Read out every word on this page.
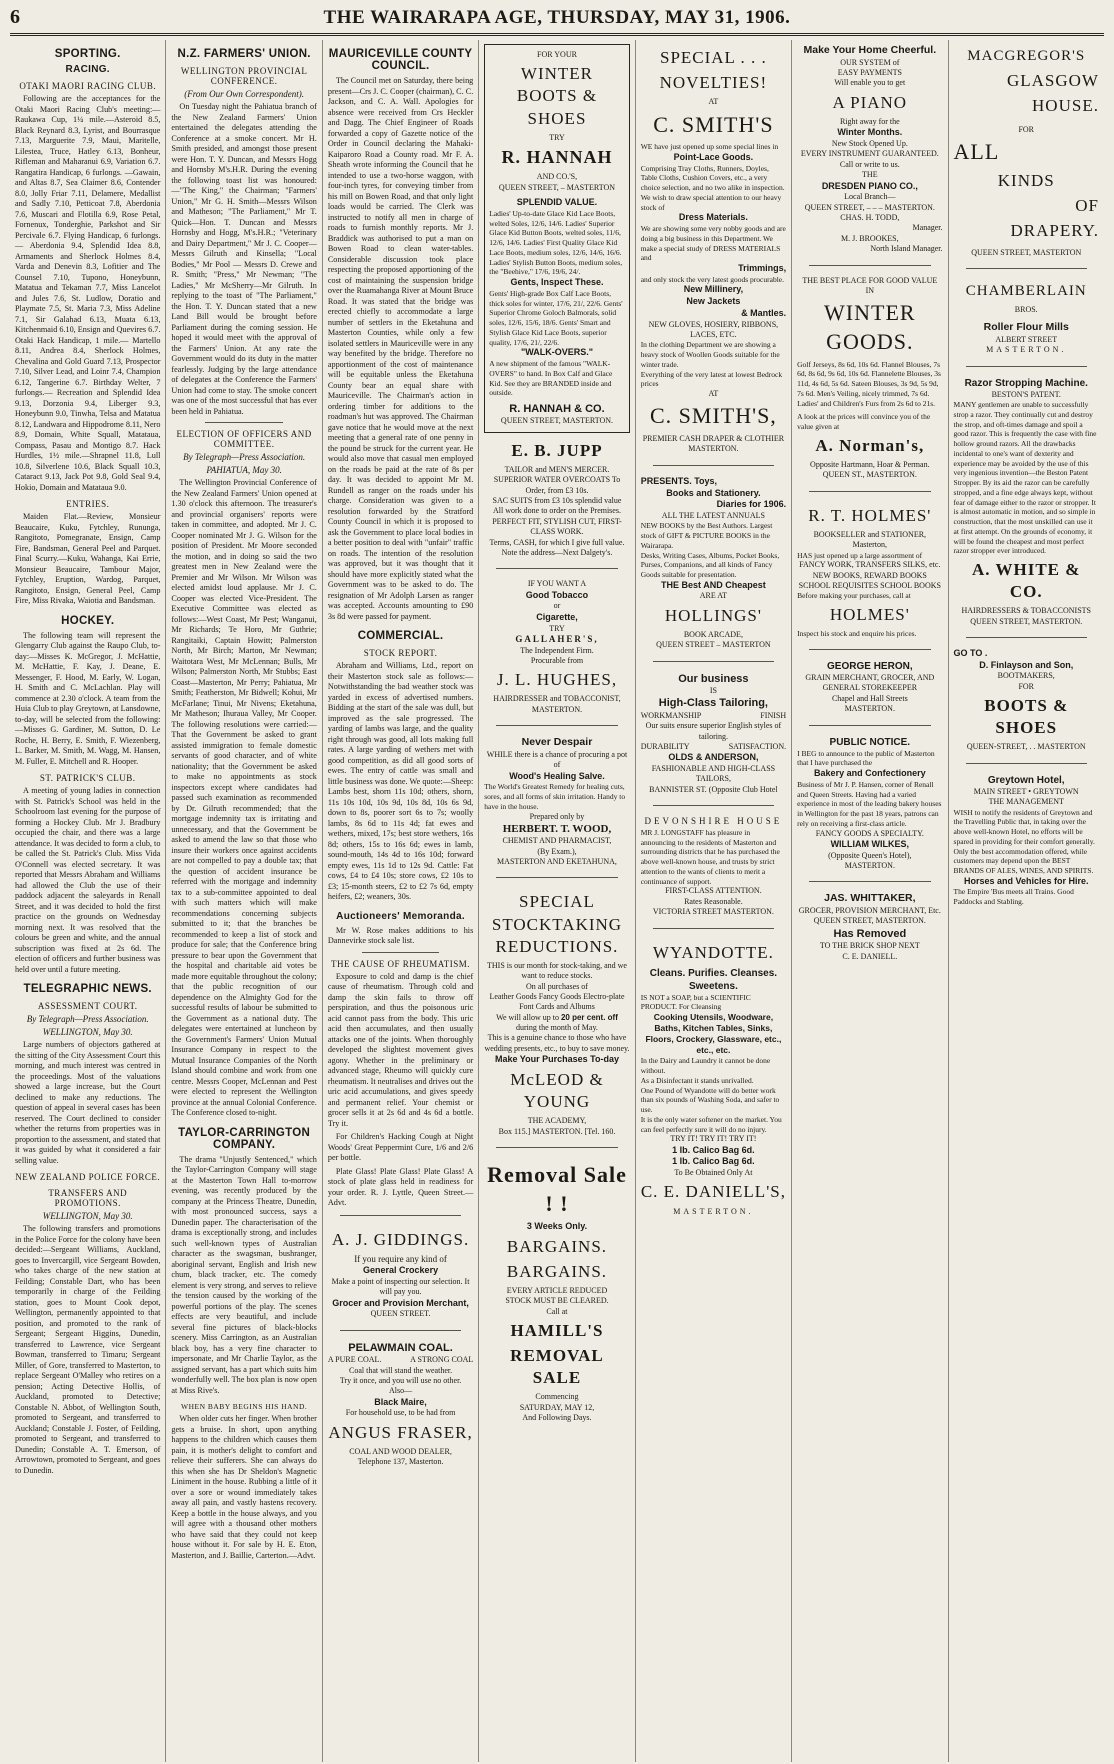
6	THE WAIRARAPA AGE, THURSDAY, MAY 31, 1906.
SPORTING.
RACING.
OTAKI MAORI RACING CLUB.

Following are the acceptances for the Otaki Maori Racing Club's meeting:— Raukawa Cup, 1¼ mile.—Asteroid 8.5, Black Reynard 8.3, Lyrist, and Bourrasque 7.13, Marguerite 7.9, Maui, Maritelle, Lilestea, Truce, Hatley 6.13, Bonheur, Rifleman and Maharanui 6.9, Variation 6.7. Rangatira Handicap, 6 furlongs. —Gawain, and Altas 8.7, Sea Claimer 8.6, Contender 8.0, Jolly Friar 7.11, Delamere, Medallist and Sadly 7.10, Petticoat 7.8, Aberdonia 7.6, Muscari and Flotilla 6.9, Rose Petal, Fornenux, Tonderghie, Parkshot and Sir Percivale 6.7. Flying Handicap, 6 furlongs.— Aberdonia 9.4, Splendid Idea 8.8, Armaments and Sherlock Holmes 8.4, Varda and Denevin 8.3, Lofitier and The Counsel 7.10, Tupono, Honeybunn, Matatua and Tekaman 7.7, Miss Lancelot and Jules 7.6, St. Ludlow, Doratio and Playmate 7.5, St. Maria 7.3, Miss Adeline 7.1, Sir Galahad 6.13, Muata 6.13, Kitchenmaid 6.10, Ensign and Quevires 6.7. Otaki Hack Handicap, 1 mile.— Martello 8.11, Andrea 8.4, Sherlock Holmes, Chevalina and Gold Guard 7.13, Prospector 7.10, Silver Lead, and Loinr 7.4, Champion 6.12, Tangerine 6.7. Birthday Welter, 7 furlongs.— Recreation and Splendid Idea 9.13, Dorzonia 9.4, Liberger 9.3, Honeybunn 9.0, Tinwha, Telsa and Matatua 8.12, Landwara and Hippodrome 8.11, Nero 8.9, Domain, White Squall, Matataua, Compass, Pasau and Montigo 8.7. Hack Hurdles, 1½ mile.—Shrapnel 11.8, Lull 10.8, Silverlene 10.6, Black Squall 10.3, Cataract 9.13, Jack Pot 9.8, Gold Seal 9.4, Hokio, Domain and Matataua 9.0.

ENTRIES.

Maiden Flat.—Review, Monsieur Beaucaire, Kuku, Fytchley, Rununga, Rangitoto, Pomegranate, Ensign, Camp Fire, Bandsman, General Peel and Parquet. Final Scurry.—Kuku, Wahanga, Kai Errie, Monsieur Beaucaire, Tambour Major, Fytchley, Eruption, Wardog, Parquet, Rangitoto, Ensign, General Peel, Camp Fire, Miss Rivaka, Waiotia and Bandsman.

HOCKEY.

The following team will represent the Glengarry Club against the Raupo Club, to-day:—Misses K. McGregor, J. McHattie, M. McHattie, F. Kay, J. Deane, E. Messenger, F. Hood, M. Early, W. Logan, H. Smith and C. McLachlan. Play will commence at 2.30 o'clock. A team from the Huia Club to play Greytown, at Lansdowne, to-day, will be selected from the following:—Misses G. Gardiner, M. Sutton, D. Le Roche, H. Berry, E. Smith, F. Wiezenberg, L. Barker, M. Smith, M. Wagg, M. Hansen, M. Fuller, E. Mitchell and R. Hooper.

ST. PATRICK'S CLUB.

A meeting of young ladies in connection with St. Patrick's School was held in the Schoolroom last evening for the purpose of forming a Hockey Club. Mr J. Bradbury occupied the chair, and there was a large attendance. It was decided to form a club, to be called the St. Patrick's Club. Miss Vida O'Connell was elected secretary. It was reported that Messrs Abraham and Williams had allowed the Club the use of their paddock adjacent the saleyards in Renall Street, and it was decided to hold the first practice on the grounds on Wednesday morning next. It was resolved that the colours be green and white, and the annual subscription was fixed at 2s 6d. The election of officers and further business was held over until a future meeting.

TELEGRAPHIC NEWS.
ASSESSMENT COURT.
By Telegraph—Press Association.
WELLINGTON, May 30.

Large numbers of objectors gathered at the sitting of the City Assessment Court this morning, and much interest was centred in the proceedings. Most of the valuations showed a large increase, but the Court declined to make any reductions. The question of appeal in several cases has been reserved. The Court declined to consider whether the returns from properties was in proportion to the assessment, and stated that it was guided by what it considered a fair selling value.

NEW ZEALAND POLICE FORCE.
TRANSFERS AND PROMOTIONS.
WELLINGTON, May 30.

The following transfers and promotions in the Police Force for the colony have been decided:—Sergeant Williams, Auckland, goes to Invercargill, vice Sergeant Bowden, who takes charge of the new station at Feilding; Constable Dart, who has been temporarily in charge of the Feilding station, goes to Mount Cook depot, Wellington, permanently appointed to that position, and promoted to the rank of Sergeant; Sergeant Higgins, Dunedin, transferred to Lawrence, vice Sergeant Bowman, transferred to Timaru; Sergeant Miller, of Gore, transferred to Masterton, to replace Sergeant O'Malley who retires on a pension; Acting Detective Hollis, of Auckland, promoted to Detective; Constable N. Abbot, of Wellington South, promoted to Sergeant, and transferred to Auckland; Constable J. Foster, of Feilding, promoted to Sergeant, and transferred to Dunedin; Constable A. T. Emerson, of Arrowtown, promoted to Sergeant, and goes to Dunedin.

N.Z. FARMERS' UNION.
WELLINGTON PROVINCIAL CONFERENCE.
(From Our Own Correspondent).

On Tuesday night the Pahiatua branch of the New Zealand Farmers' Union entertained the delegates attending the Conference at a smoke concert. Mr H. Smith presided, and amongst those present were Hon. T. Y. Duncan, and Messrs Hogg and Hornsby M's.H.R. During the evening the following toast list was honoured:—"The King," the Chairman; "Farmers' Union," Mr G. H. Smith—Messrs Wilson and Matheson; "The Parliament," Mr T. Quick—Hon. T. Duncan and Messrs Hornsby and Hogg, M's.H.R.; "Veterinary and Dairy Department," Mr J. C. Cooper—Messrs Gilruth and Kinsella; "Local Bodies," Mr Pool — Messrs D. Crewe and R. Smith; "Press," Mr Newman; "The Ladies," Mr McSherry—Mr Gilruth. In replying to the toast of "The Parliament," the Hon. T. Y. Duncan stated that a new Land Bill would be brought before Parliament during the coming session. He hoped it would meet with the approval of the Farmers' Union. At any rate the Government would do its duty in the matter fearlessly. Judging by the large attendance of delegates at the Conference the Farmers' Union had come to stay. The smoke concert was one of the most successful that has ever been held in Pahiatua.

ELECTION OF OFFICERS AND COMMITTEE.
By Telegraph—Press Association.
PAHIATUA, May 30.

The Wellington Provincial Conference of the New Zealand Farmers' Union opened at 1.30 o'clock this afternoon. The treasurer's and provincial organisers' reports were taken in committee, and adopted. Mr J. C. Cooper nominated Mr J. G. Wilson for the position of President. Mr Moore seconded the motion, and in doing so said the two greatest men in New Zealand were the Premier and Mr Wilson. Mr Wilson was elected amidst loud applause. Mr J. C. Cooper was elected Vice-President. The Executive Committee was elected as follows:—West Coast, Mr Pest; Wanganui, Mr Richards; Te Horo, Mr Guthrie; Rangitaiki, Captain Howitt; Palmerston North, Mr Birch; Marton, Mr Newman; Waitotara West, Mr McLennan; Bulls, Mr Wilson; Palmerston North, Mr Stubbs; East Coast—Masterton, Mr Perry; Pahiatua, Mr Smith; Featherston, Mr Bidwell; Kohui, Mr McFarlane; Tinui, Mr Nivens; Eketahuna, Mr Matheson; Ihuraua Valley, Mr Cooper. The following resolutions were carried:—That the Government be asked to grant assisted immigration to female domestic servants of good character, and of white nationality; that the Government be asked to make no appointments as stock inspectors except where candidates had passed such examination as recommended by Dr. Gilruth recommended; that the mortgage indemnity tax is irritating and unnecessary, and that the Government be asked to amend the law so that those who insure their workers once against accidents are not compelled to pay a double tax; that the question of accident insurance be referred with the mortgage and indemnity tax to a sub-committee appointed to deal with such matters which will make recommendations concerning subjects submitted to it; that the branches be recommended to keep a list of stock and produce for sale; that the Conference bring pressure to bear upon the Government that the hospital and charitable aid votes be made more equitable throughout the colony; that the public recognition of our dependence on the Almighty God for the successful results of labour be submitted to the Government as a national duty. The delegates were entertained at luncheon by the Government's Farmers' Union Mutual Insurance Company in respect to the Mutual Insurance Companies of the North Island should combine and work from one centre. Messrs Cooper, McLennan and Pest were elected to represent the Wellington province at the annual Colonial Conference. The Conference closed to-night.

TAYLOR-CARRINGTON COMPANY.

The drama "Unjustly Sentenced," which the Taylor-Carrington Company will stage at the Masterton Town Hall to-morrow evening, was recently produced by the company at the Princess Theatre, Dunedin, with most pronounced success, says a Dunedin paper. The characterisation of the drama is exceptionally strong, and includes such well-known types of Australian character as the swagsman, bushranger, aboriginal servant, English and Irish new chum, black tracker, etc. The comedy element is very strong, and serves to relieve the tension caused by the working of the powerful portions of the play. The scenes effects are very beautiful, and include several fine pictures of black-blocks scenery. Miss Carrington, as an Australian black boy, has a very fine character to impersonate, and Mr Charlie Taylor, as the assigned servant, has a part which suits him wonderfully well. The box plan is now open at Miss Rive's.

WHEN BABY BEGINS HIS HAND.

When older cuts her finger. When brother gets a bruise. In short, upon anything happens to the children which causes them pain, it is mother's delight to comfort and relieve their sufferers. She can always do this when she has Dr Sheldon's Magnetic Liniment in the house. Rubbing a little of it over a sore or wound immediately takes away all pain, and vastly hastens recovery. Keep a bottle in the house always, and you will agree with a thousand other mothers who have said that they could not keep house without it. For sale by H. E. Eton, Masterton, and J. Baillie, Carterton.—Advt.

MAURICEVILLE COUNTY COUNCIL.

The Council met on Saturday, there being present—Crs J. C. Cooper (chairman), C. C. Jackson, and C. A. Wall. Apologies for absence were received from Crs Heckler and Dagg. The Chief Engineer of Roads forwarded a copy of Gazette notice of the Order in Council declaring the Mahaki-Kaiparoro Road a County road. Mr F. A. Sheath wrote informing the Council that he intended to use a two-horse waggon, with four-inch tyres, for conveying timber from his mill on Bowen Road, and that only light loads would be carried. The Clerk was instructed to notify all men in charge of roads to furnish monthly reports. Mr J. Braddick was authorised to put a man on Bowen Road to clean water-tables. Considerable discussion took place respecting the proposed apportioning of the cost of maintaining the suspension bridge over the Ruamahanga River at Mount Bruce Road. It was stated that the bridge was erected chiefly to accommodate a large number of settlers in the Eketahuna and Masterton Counties, while only a few isolated settlers in Mauriceville were in any way benefited by the bridge. Therefore no apportionment of the cost of maintenance will be equitable unless the Eketahuna County bear an equal share with Mauriceville. The Chairman's action in ordering timber for additions to the roadman's hut was approved. The Chairman gave notice that he would move at the next meeting that a general rate of one penny in the pound be struck for the current year. He would also move that casual men employed on the roads be paid at the rate of 8s per day. It was decided to appoint Mr M. Rundell as ranger on the roads under his charge. Consideration was given to a resolution forwarded by the Stratford County Council in which it is proposed to ask the Government to place local bodies in a better position to deal with "unfair" traffic on roads. The intention of the resolution was approved, but it was thought that it should have more explicitly stated what the Government was to be asked to do. The resignation of Mr Adolph Larsen as ranger was accepted. Accounts amounting to £90 3s 8d were passed for payment.

COMMERCIAL.
STOCK REPORT.

Abraham and Williams, Ltd., report on their Masterton stock sale as follows:—Notwithstanding the bad weather stock was yarded in excess of advertised numbers. Bidding at the start of the sale was dull, but improved as the sale progressed. The yarding of lambs was large, and the quality right through was good, all lots making full rates. A large yarding of wethers met with good competition, as did all good sorts of ewes. The entry of cattle was small and little business was done. We quote:—Sheep: Lambs best, shorn 11s 10d; others, shorn, 11s 10s 10d, 10s 9d, 10s 8d, 10s 6s 9d, down to 8s, poorer sort 6s to 7s; woolly lambs, 8s 6d to 11s 4d; fat ewes and wethers, mixed, 17s; best store wethers, 16s 8d; others, 15s to 16s 6d; ewes in lamb, sound-mouth, 14s 4d to 16s 10d; forward empty ewes, 11s 1d to 12s 9d. Cattle: Fat cows, £4 to £4 10s; store cows, £2 10s to £3; 15-month steers, £2 to £2 7s 6d, empty heifers, £2; weaners, 30s.

Auctioneers' Memoranda.

Mr W. Rose makes additions to his Dannevirke stock sale list.

THE CAUSE OF RHEUMATISM.

Exposure to cold and damp is the chief cause of rheumatism. Through cold and damp the skin fails to throw off perspiration, and thus the poisonous uric acid cannot pass from the body. This uric acid then accumulates, and then usually attacks one of the joints. When thoroughly developed the slightest movement gives agony. Whether in the preliminary or advanced stage, Rheumo will quickly cure rheumatism. It neutralises and drives out the uric acid accumulations, and gives speedy and permanent relief. Your chemist or grocer sells it at 2s 6d and 4s 6d a bottle. Try it.

For Children's Hacking Cough at Night Woods' Great Peppermint Cure, 1/6 and 2/6 per bottle.

Plate Glass! Plate Glass! Plate Glass! A stock of plate glass held in readiness for your order. R. J. Lyttle, Queen Street.—Advt.

A. J. GIDDINGS.
If you require any kind of
General Crockery
Make a point of inspecting our selection. It will pay you.
Grocer and Provision Merchant,
QUEEN STREET.
PELAWMAIN COAL.
A PURE COAL.	A STRONG COAL
Coal that will stand the weather.
Try it once, and you will use no other.
Also—
Black Maire,
For household use, to be had from
ANGUS FRASER,
COAL AND WOOD DEALER,
Telephone 137, Masterton.
FOR YOUR
WINTER BOOTS & SHOES
TRY
R. HANNAH
AND CO.'S,
QUEEN STREET, – MASTERTON
SPLENDID VALUE.
Ladies' Up-to-date Glace Kid Lace Boots, welted Soles, 12/6, 14/6. Ladies' Superior Glace Kid Button Boots, welted soles, 11/6, 12/6, 14/6. Ladies' First Quality Glace Kid Lace Boots, medium soles, 12/6, 14/6, 16/6. Ladies' Stylish Button Boots, medium soles, the "Beehive," 17/6, 19/6, 24/.
Gents, Inspect These.
Gents' High-grade Box Calf Lace Boots, thick soles for winter, 17/6, 21/, 22/6. Gents' Superior Chrome Goloch Balmorals, solid soles, 12/6, 15/6, 18/6. Gents' Smart and Stylish Glace Kid Lace Boots, superior quality, 17/6, 21/, 22/6.
"WALK-OVERS."
A new shipment of the famous "WALK-OVERS" to hand. In Box Calf and Glace Kid. See they are BRANDED inside and outside.
R. HANNAH & CO.
QUEEN STREET, MASTERTON.
E. B. JUPP
TAILOR and MEN'S MERCER.
SUPERIOR WATER OVERCOATS To Order, from £3 10s.
SAC SUITS from £3 10s splendid value
All work done to order on the Premises.
PERFECT FIT, STYLISH CUT, FIRST-CLASS WORK.
Terms, CASH, for which I give full value.
Note the address—Next Dalgety's.
IF YOU WANT A
Good Tobacco
or
Cigarette,
TRY
GALLAHER'S,
The Independent Firm.
Procurable from
J. L. HUGHES,
HAIRDRESSER and TOBACCONIST,
MASTERTON.
Never Despair
WHILE there is a chance of procuring a pot of
Wood's Healing Salve.
The World's Greatest Remedy for healing cuts, sores, and all forms of skin irritation. Handy to have in the house.
Prepared only by
HERBERT. T. WOOD,
CHEMIST AND PHARMACIST,
(By Exam.),
MASTERTON AND EKETAHUNA,
SPECIAL STOCKTAKING REDUCTIONS.
THIS is our month for stock-taking, and we want to reduce stocks.
On all purchases of
Leather Goods Fancy Goods Electro-plate Font Cards and Albums
We will allow up to 20 per cent. off
during the month of May.
This is a genuine chance to those who have wedding presents, etc., to buy to save money.
Make Your Purchases To-day
McLEOD & YOUNG
THE ACADEMY,
Box 115.] MASTERTON. [Tel. 160.
Removal Sale ! !
3 Weeks Only.
BARGAINS.
BARGAINS.
EVERY ARTICLE REDUCED
STOCK MUST BE CLEARED.
Call at
HAMILL'S
REMOVAL SALE
Commencing
SATURDAY, MAY 12,
And Following Days.
SPECIAL . . .
NOVELTIES!
AT
C. SMITH'S
WE have just opened up some special lines in
Point-Lace Goods.
Comprising Tray Cloths, Runners, Doyles, Table Cloths, Cushion Covers, etc., a very choice selection, and no two alike in inspection.
We wish to draw special attention to our heavy stock of
Dress Materials.
We are showing some very nobby goods and are doing a big business in this Department. We make a special study of DRESS MATERIALS and
Trimmings,
and only stock the very latest goods procurable.
New Millinery,
New Jackets
& Mantles.
NEW GLOVES, HOSIERY, RIBBONS, LACES, ETC.
In the clothing Department we are showing a heavy stock of Woollen Goods suitable for the winter trade.
Everything of the very latest at lowest Bedrock prices
AT
C. SMITH'S,
PREMIER CASH DRAPER & CLOTHIER MASTERTON.
PRESENTS. Toys,
Books and Stationery.
Diaries for 1906.
ALL THE LATEST ANNUALS
NEW BOOKS by the Best Authors. Largest stock of GIFT & PICTURE BOOKS in the Wairarapa.
Desks, Writing Cases, Albums, Pocket Books, Purses, Companions, and all kinds of Fancy Goods suitable for presentation.
THE Best AND Cheapest
ARE AT
HOLLINGS'
BOOK ARCADE,
QUEEN STREET – MASTERTON
Our business
IS
High-Class Tailoring,
WORKMANSHIP	FINISH
Our suits ensure superior English styles of tailoring.
DURABILITY	SATISFACTION.
OLDS & ANDERSON,
FASHIONABLE AND HIGH-CLASS TAILORS,
BANNISTER ST. (Opposite Club Hotel
DEVONSHIRE HOUSE
MR J. LONGSTAFF has pleasure in announcing to the residents of Masterton and surrounding districts that he has purchased the above well-known house, and trusts by strict attention to the wants of clients to merit a continuance of support.
FIRST-CLASS ATTENTION.
Rates Reasonable.
VICTORIA STREET MASTERTON.
WYANDOTTE.
Cleans. Purifies. Cleanses. Sweetens.
IS NOT a SOAP, but a SCIENTIFIC PRODUCT. For Cleansing
Cooking Utensils, Woodware, Baths, Kitchen Tables, Sinks, Floors, Crockery, Glassware, etc., etc., etc.
In the Dairy and Laundry it cannot be done without.
As a Disinfectant it stands unrivalled.
One Pound of Wyandotte will do better work than six pounds of Washing Soda, and safer to use.
It is the only water softener on the market. You can feel perfectly sure it will do no injury.
TRY IT! TRY IT! TRY IT!
1 lb. Calico Bag 6d.
1 lb. Calico Bag 6d.
To Be Obtained Only At
C. E. DANIELL'S,
MASTERTON.
Make Your Home Cheerful.
OUR SYSTEM of
EASY PAYMENTS
Will enable you to get
A PIANO
Right away for the
Winter Months.
New Stock Opened Up.
EVERY INSTRUMENT GUARANTEED.
Call or write to us.
THE
DRESDEN PIANO CO.,
Local Branch—
QUEEN STREET, – – – MASTERTON.
CHAS. H. TODD,
Manager.
M. J. BROOKES,
North Island Manager.
THE BEST PLACE FOR GOOD VALUE
IN
WINTER GOODS.
Golf Jerseys, 8s 6d, 10s 6d. Flannel Blouses, 7s 6d, 8s 6d, 9s 6d, 10s 6d. Flannelette Blouses, 3s 11d, 4s 6d, 5s 6d. Sateen Blouses, 3s 9d, 5s 9d, 7s 6d. Men's Veiling, nicely trimmed, 7s 6d. Ladies' and Children's Furs from 2s 6d to 21s.
A look at the prices will convince you of the value given at
A. Norman's,
Opposite Hartmann, Hoar & Perman.
QUEEN ST., MASTERTON.
R. T. HOLMES'
BOOKSELLER and STATIONER,
Masterton,
HAS just opened up a large assortment of
FANCY WORK, TRANSFERS SILKS, etc. NEW BOOKS, REWARD BOOKS SCHOOL REQUISITES SCHOOL BOOKS
Before making your purchases, call at
HOLMES'
Inspect his stock and enquire his prices.
GEORGE HERON,
GRAIN MERCHANT, GROCER, AND
GENERAL STOREKEEPER
Chapel and Hall Streets
MASTERTON.
PUBLIC NOTICE.
I BEG to announce to the public of Masterton that I have purchased the
Bakery and Confectionery
Business of Mr J. P. Hansen, corner of Renall and Queen Streets. Having had a varied experience in most of the leading bakery houses in Wellington for the past 18 years, patrons can rely on receiving a first-class article.
FANCY GOODS A SPECIALTY.
WILLIAM WILKES,
(Opposite Queen's Hotel),
MASTERTON.
JAS. WHITTAKER,
GROCER, PROVISION MERCHANT, Etc.
QUEEN STREET, MASTERTON.
Has Removed
TO THE BRICK SHOP NEXT
C. E. DANIELL.
MACGREGOR'S
GLASGOW
HOUSE.
FOR
ALL
KINDS
OF
DRAPERY.
QUEEN STREET, MASTERTON
CHAMBERLAIN
BROS.
Roller Flour Mills
ALBERT STREET
MASTERTON.
Razor Stropping Machine.
BESTON'S PATENT.
MANY gentlemen are unable to successfully strop a razor. They continually cut and destroy the strop, and oft-times damage and spoil a good razor. This is frequently the case with fine hollow ground razors. All the drawbacks incidental to one's want of dexterity and experience may be avoided by the use of this very ingenious invention—the Beston Patent Stropper. By its aid the razor can be carefully stropped, and a fine edge always kept, without fear of damage either to the razor or stropper. It is almost automatic in motion, and so simple in construction, that the most unskilled can use it at first attempt. On the grounds of economy, it will be found the cheapest and most perfect razor stropper ever introduced.
A. WHITE & CO.
HAIRDRESSERS & TOBACCONISTS
QUEEN STREET, MASTERTON.
GO TO .
D. Finlayson and Son,
BOOTMAKERS,
FOR
BOOTS & SHOES
QUEEN-STREET, . . MASTERTON
Greytown Hotel,
MAIN STREET • GREYTOWN
THE MANAGEMENT
WISH to notify the residents of Greytown and the Travelling Public that, in taking over the above well-known Hotel, no efforts will be spared in providing for their comfort generally.
Only the best accommodation offered, while customers may depend upon the BEST BRANDS OF ALES, WINES, AND SPIRITS.
Horses and Vehicles for Hire.
The Empire 'Bus meets all Trains. Good Paddocks and Stabling.
